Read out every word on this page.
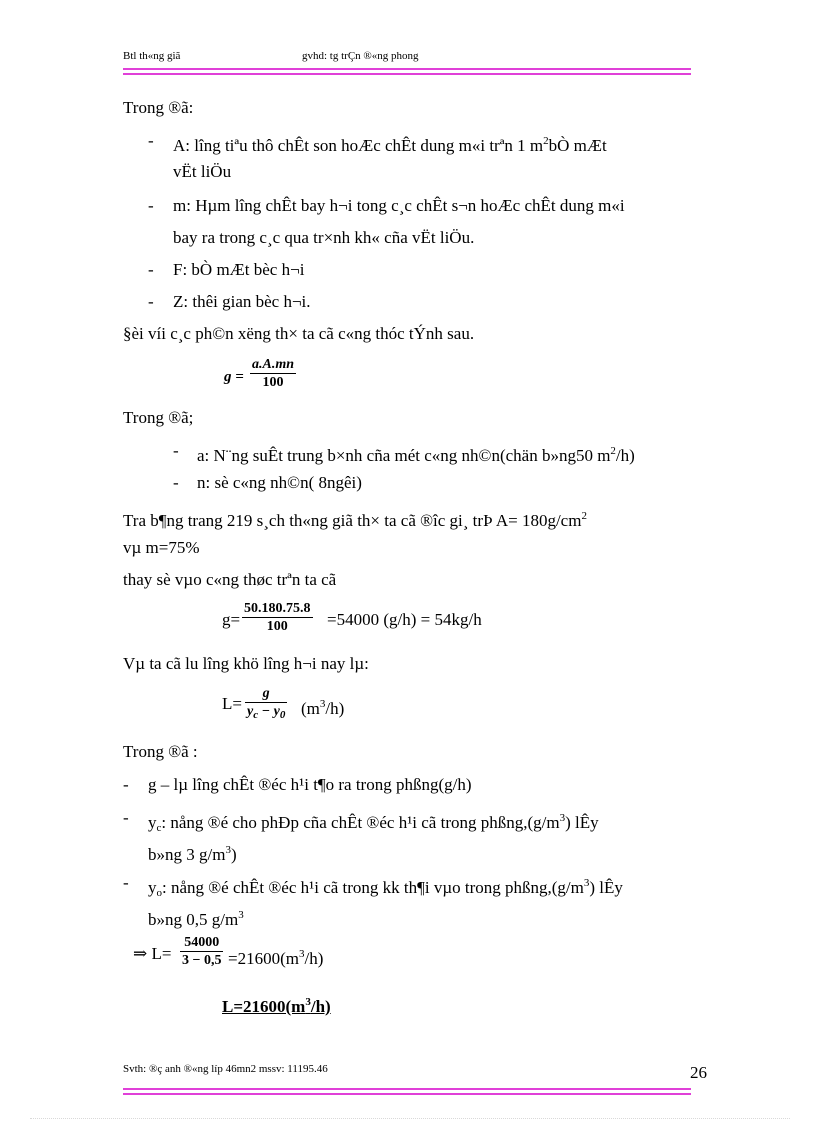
Btl th«ng giã	gvhd: tg trÇn ®«ng phong
Trong ®ã:
- A: lîng tiªu thô chÊt son hoÆc chÊt dung m«i trªn 1 $m^2bÒ$ mÆt
vËt liÖu
- m: Hµm lîng chÊt bay h¬i tong c¸c chÊt s¬n hoÆc chÊt dung m«i
bay ra trong c¸c qua tr×nh kh« cña vËt liÖu.
- F: bÒ mÆt bèc h¬i
- Z: thêi gian bèc h¬i.
§èi víi c¸c ph©n xëng th× ta cã c«ng thóc tÝnh sau.
$g = \frac{a.A.mn}{100}$
Trong ®ã;
- a: N¨ng suÊt trung b×nh cña mét c«ng nh©n(chän b»ng50 $m^2/h$)
- n: sè c«ng nh©n( 8ngêi)
Tra b¶ng trang 219 s¸ch th«ng giã th× ta cã ®îc gi¸ trÞ $A= 180g/cm^2$
vµ m=75%
thay sè vµo c«ng thøc trªn ta cã
$g= \frac{50.180.75.8}{100} =54000$ (g/h) = 54kg/h
Vµ ta cã lu lîng khö lîng h¬i nay lµ:
$L= \frac{g}{y_c - y_0} (m^3/h)$
Trong ®ã :
- g – lµ lîng chÊt ®éc h¹i t¶o ra trong phßng(g/h)
- $y_c$: nång ®é cho phÐp cña chÊt ®éc h¹i cã trong $phßng,(g/m^3)$ lÊy
b»ng 3 $g/m^3$)
- $y_o$: nång ®é chÊt ®éc h¹i cã trong kk th¶i vµo trong $phßng,(g/m^3)$ lÊy
b»ng 0,5 $g/m^3$
⇒ $L= \frac{54000}{3 - 0,5} =21600(m^3/h)$
$L=21600(m^3/h)$
Svth: ®ç anh ®«ng líp 46mn2 mssv: 11195.46	26
